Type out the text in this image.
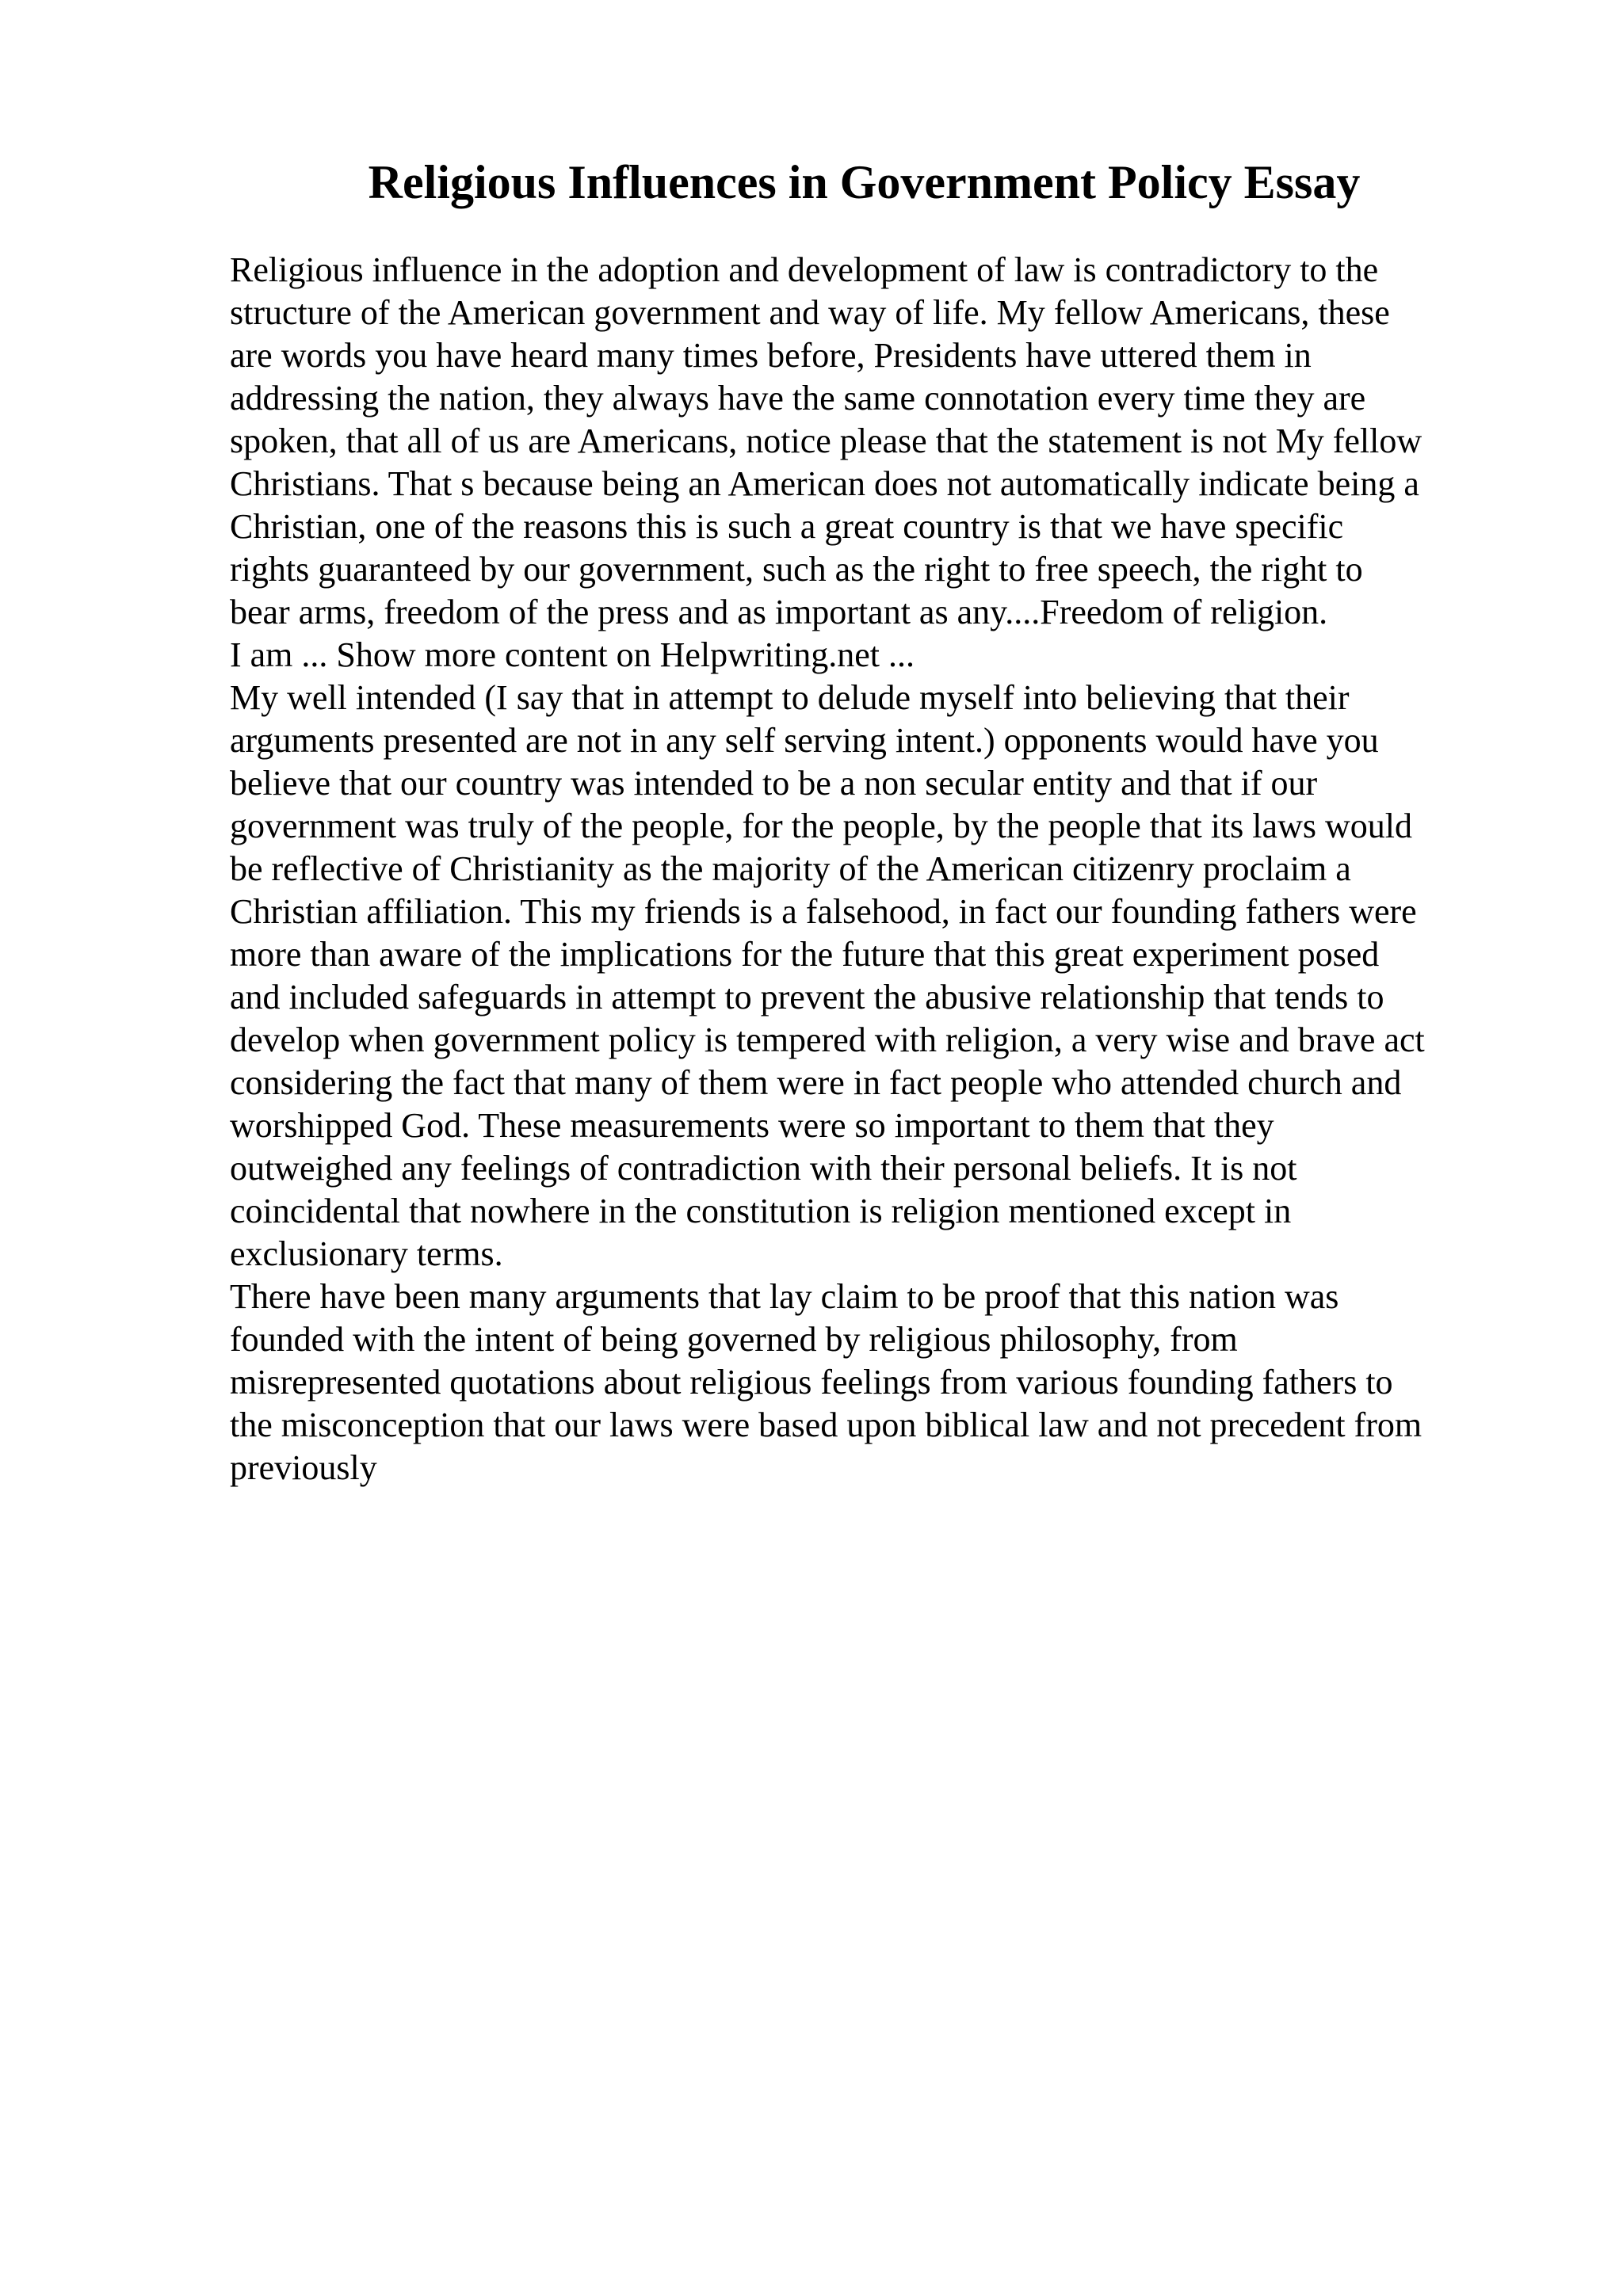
Religious Influences in Government Policy Essay
Religious influence in the adoption and development of law is contradictory to the
structure of the American government and way of life. My fellow Americans, these
are words you have heard many times before, Presidents have uttered them in
addressing the nation, they always have the same connotation every time they are
spoken, that all of us are Americans, notice please that the statement is not My fellow
Christians. That s because being an American does not automatically indicate being a
Christian, one of the reasons this is such a great country is that we have specific
rights guaranteed by our government, such as the right to free speech, the right to
bear arms, freedom of the press and as important as any....Freedom of religion.
I am ... Show more content on Helpwriting.net ...
My well intended (I say that in attempt to delude myself into believing that their
arguments presented are not in any self serving intent.) opponents would have you
believe that our country was intended to be a non secular entity and that if our
government was truly of the people, for the people, by the people that its laws would
be reflective of Christianity as the majority of the American citizenry proclaim a
Christian affiliation. This my friends is a falsehood, in fact our founding fathers were
more than aware of the implications for the future that this great experiment posed
and included safeguards in attempt to prevent the abusive relationship that tends to
develop when government policy is tempered with religion, a very wise and brave act
considering the fact that many of them were in fact people who attended church and
worshipped God. These measurements were so important to them that they
outweighed any feelings of contradiction with their personal beliefs. It is not
coincidental that nowhere in the constitution is religion mentioned except in
exclusionary terms.
There have been many arguments that lay claim to be proof that this nation was
founded with the intent of being governed by religious philosophy, from
misrepresented quotations about religious feelings from various founding fathers to
the misconception that our laws were based upon biblical law and not precedent from
previously
